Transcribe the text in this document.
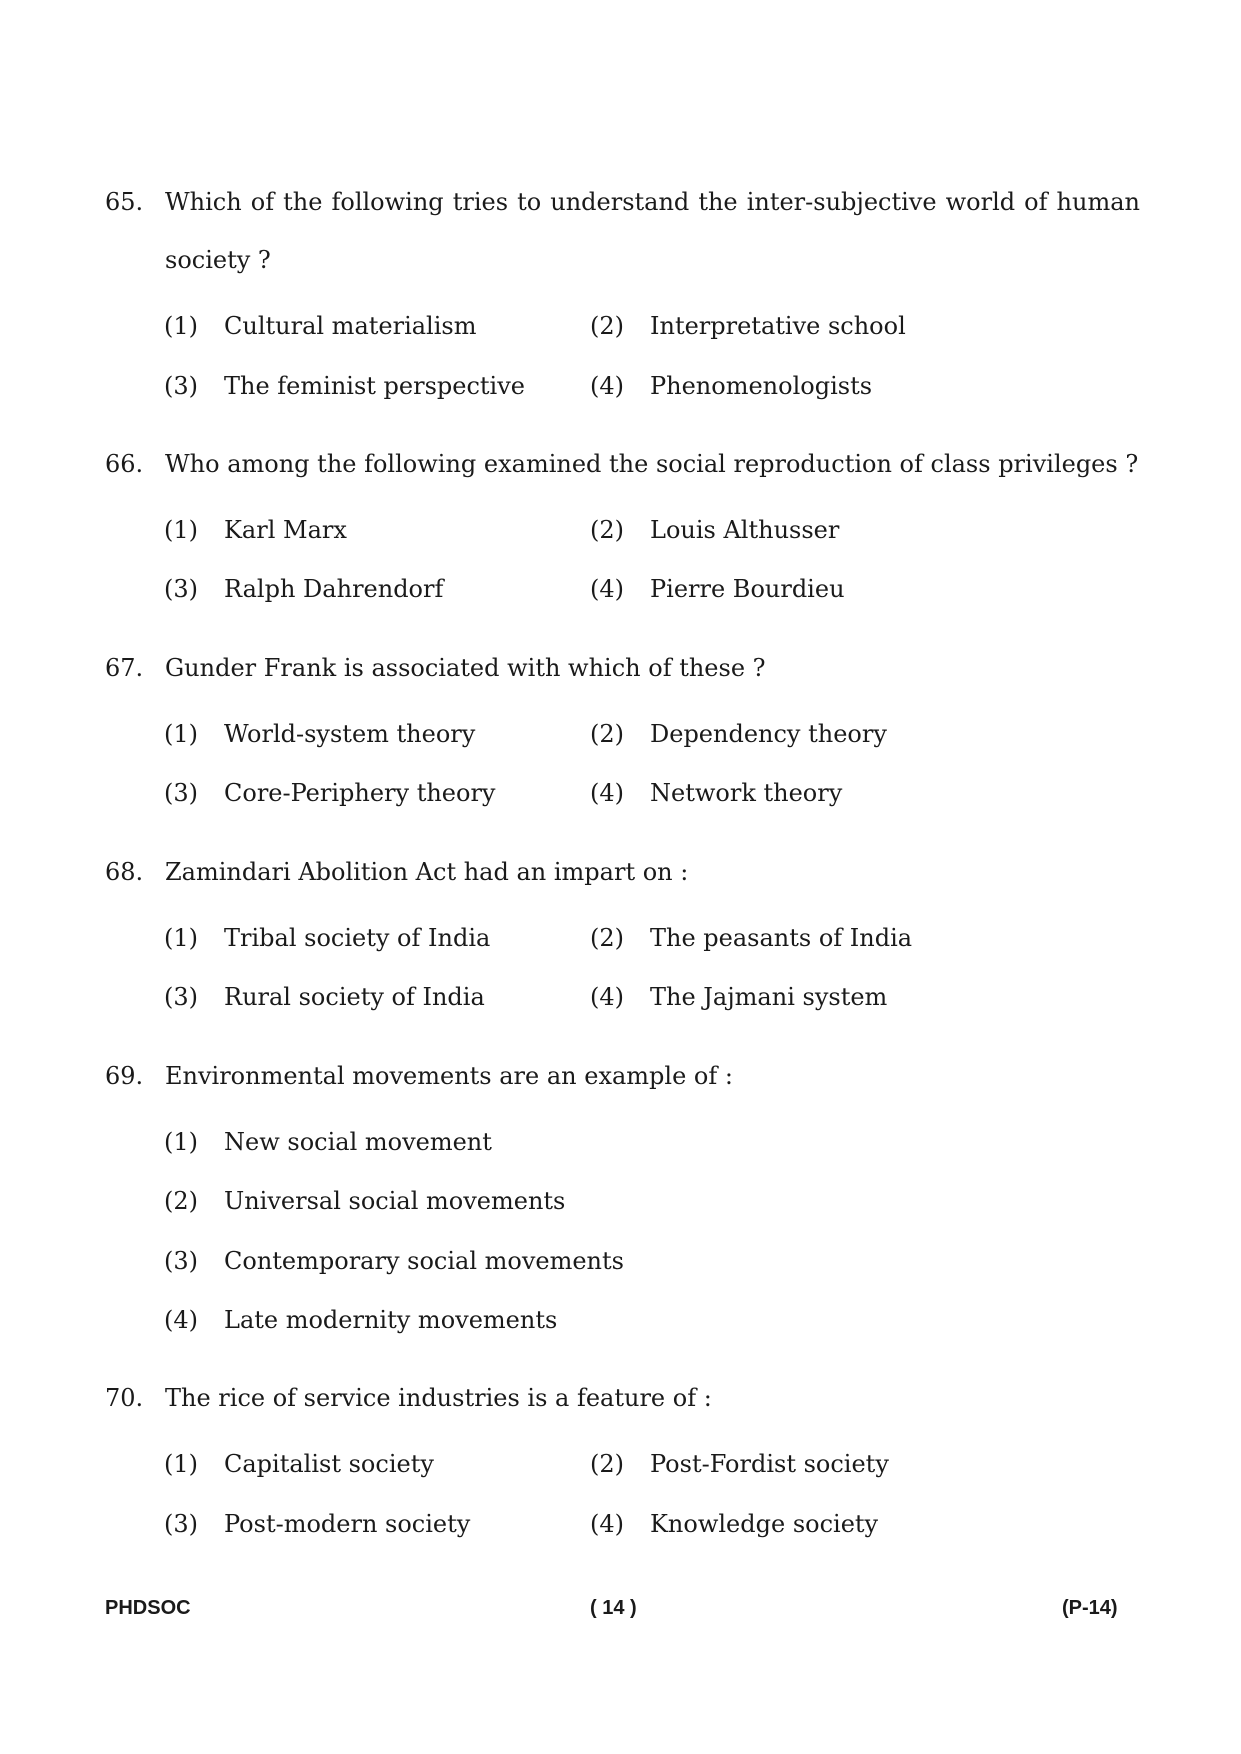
65. Which of the following tries to understand the inter-subjective world of human
society ?
(1) Cultural materialism	(2) Interpretative school
(3) The feminist perspective	(4) Phenomenologists
66. Who among the following examined the social reproduction of class privileges ?
(1) Karl Marx	(2) Louis Althusser
(3) Ralph Dahrendorf	(4) Pierre Bourdieu
67. Gunder Frank is associated with which of these ?
(1) World-system theory	(2) Dependency theory
(3) Core-Periphery theory	(4) Network theory
68. Zamindari Abolition Act had an impart on :
(1) Tribal society of India	(2) The peasants of India
(3) Rural society of India	(4) The Jajmani system
69. Environmental movements are an example of :
(1) New social movement
(2) Universal social movements
(3) Contemporary social movements
(4) Late modernity movements
70. The rice of service industries is a feature of :
(1) Capitalist society	(2) Post-Fordist society
(3) Post-modern society	(4) Knowledge society
PHDSOC	( 14 )	(P-14)
